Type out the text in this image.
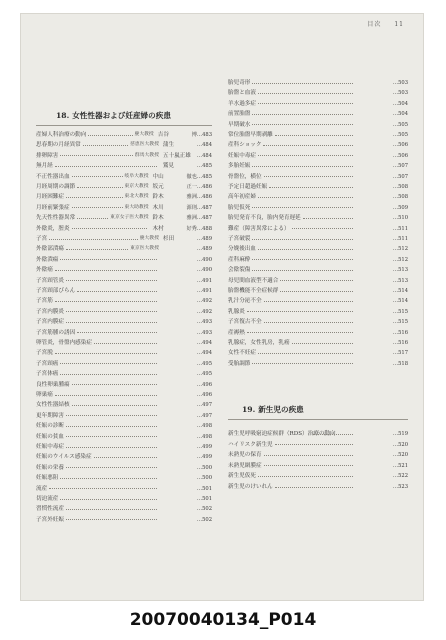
目次 11
18. 女性性器および妊産婦の疾患
産婦人科治療の動向	慶大教授 吉谷	博…483
思春期の月経異常	慈恵医大教授 蒲生	…484
排卵障害	群馬大教授 五十嵐正雄	…484
無月経	鷲見	…485
不正性器出血	岐阜大教授 中山	徹也…485
月経周期の調節	東京大教授 坂元	正一…486
月経困難症	東北大教授 鈴木	雅洲…486
月経前緊張症	東大助教授 木川	源則…487
先天性性器異常	東京女子医大教授 鈴木	雅洲…487
外陰炎，腟炎	木村	好秀…488
子宮	慶大教授 杉田	…489
外陰部潰瘍	東京医大教授	…489
外陰潰瘍	…490
外陰癌	…490
子宮頸管炎	…491
子宮頸部びらん	…491
子宮筋	…492
子宮内膜炎	…492
子宮内膜症	…493
子宮筋腫の誘因	…493
卵管炎，骨盤内感染症	…494
子宮脱	…494
子宮頸癌	…495
子宮体癌	…495
良性卵巣腫瘍	…496
卵巣癌	…496
女性性器結核	…497
更年期障害	…497
妊娠の診断	…498
妊娠の貧血	…498
妊娠中毒症	…499
妊娠のウイルス感染症	…499
妊娠の栄養	…500
妊娠悪阻	…500
流産	…501
切迫流産	…501
習慣性流産	…502
子宮外妊娠	…502
胎児奇形	…503
胎盤と血液	…503
羊水過多症	…504
前置胎盤	…504
早期破水	…505
常位胎盤早期剥離	…505
産科ショック	…506
妊娠中毒症	…506
多胎妊娠	…507
骨盤位，横位	…507
予定日超過妊娠	…508
高年初産婦	…508
胎児仮死	…509
胎児発育不良，胎内発育遅延	…510
難産（障害異常による）	…511
子宮破裂	…511
分娩後出血	…512
産科麻酔	…512
会陰裂傷	…513
母児間血液型不適合	…513
胎盤機能不全症候群	…514
乳汁分泌不全	…514
乳腺炎	…515
子宮復古不全	…515
産褥熱	…516
乳腺症，女性乳房，乳癌	…516
女性不妊症	…517
受胎調節	…518
19. 新生児の疾患
新生児呼吸窮迫症候群（RDS）治療の動向	…519
ハイリスク新生児	…520
未熟児の保育	…520
未熟児網膜症	…521
新生児仮死	…522
新生児のけいれん	…523
20070040134_P014
